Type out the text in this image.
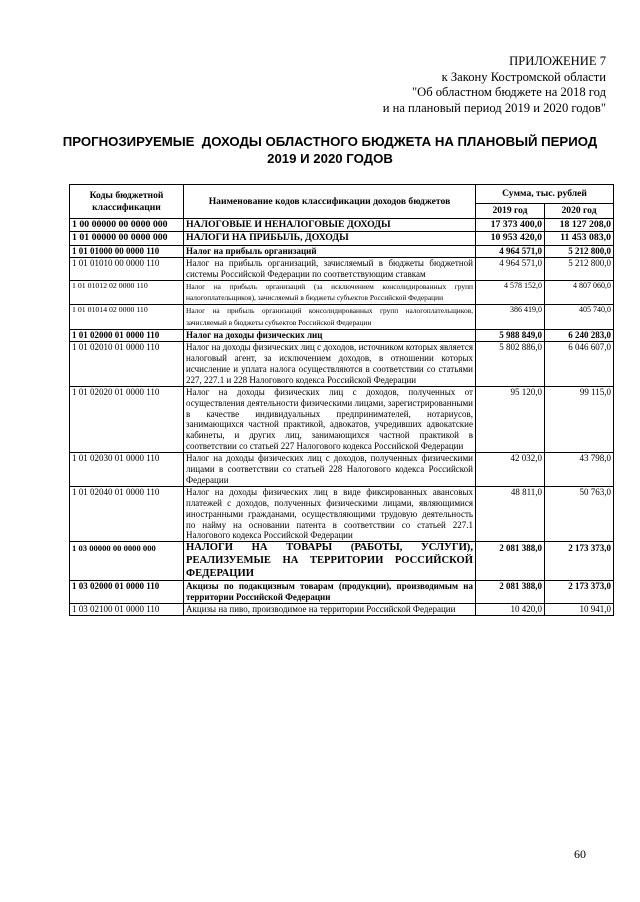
ПРИЛОЖЕНИЕ 7
к Закону Костромской области
"Об областном бюджете на 2018 год
и на плановый период 2019 и 2020 годов"
ПРОГНОЗИРУЕМЫЕ  ДОХОДЫ ОБЛАСТНОГО БЮДЖЕТА НА ПЛАНОВЫЙ ПЕРИОД
2019 И 2020 ГОДОВ
Коды бюджетной классификации	Наименование кодов классификации доходов бюджетов	Сумма, тыс. рублей	
		2019 год	2020 год
1 00 00000 00 0000 000	НАЛОГОВЫЕ И НЕНАЛОГОВЫЕ ДОХОДЫ	17 373 400,0	18 127 208,0
1 01 00000 00 0000 000	НАЛОГИ НА ПРИБЫЛЬ, ДОХОДЫ	10 953 420,0	11 453 083,0
1 01 01000 00 0000 110	Налог на прибыль организаций	4 964 571,0	5 212 800,0
1 01 01010 00 0000 110	Налог на прибыль организаций, зачисляемый в бюджеты бюджетной системы Российской Федерации по соответствующим ставкам	4 964 571,0	5 212 800,0
1 01 01012 02 0000 110	Налог на прибыль организаций (за исключением консолидированных групп налогоплательщиков), зачисляемый в бюджеты субъектов Российской Федерации	4 578 152,0	4 807 060,0
1 01 01014 02 0000 110	Налог на прибыль организаций консолидированных групп налогоплательщиков, зачисляемый в бюджеты субъектов Российской Федерации	386 419,0	405 740,0
1 01 02000 01 0000 110	Налог на доходы физических лиц	5 988 849,0	6 240 283,0
1 01 02010 01 0000 110	Налог на доходы физических лиц с доходов, источником которых является налоговый агент, за исключением доходов, в отношении которых исчисление и уплата налога осуществляются в соответствии со статьями 227, 227.1 и 228 Налогового кодекса Российской Федерации	5 802 886,0	6 046 607,0
1 01 02020 01 0000 110	Налог на доходы физических лиц с доходов, полученных от осуществления деятельности физическими лицами, зарегистрированными в качестве индивидуальных предпринимателей, нотариусов, занимающихся частной практикой, адвокатов, учредивших адвокатские кабинеты, и других лиц, занимающихся частной практикой в соответствии со статьей 227 Налогового кодекса Российской Федерации	95 120,0	99 115,0
1 01 02030 01 0000 110	Налог на доходы физических лиц с доходов, полученных физическими лицами в соответствии со статьей 228 Налогового кодекса Российской Федерации	42 032,0	43 798,0
1 01 02040 01 0000 110	Налог на доходы физических лиц в виде фиксированных авансовых платежей с доходов, полученных физическими лицами, являющимися иностранными гражданами, осуществляющими трудовую деятельность по найму на основании патента в соответствии со статьей 227.1 Налогового кодекса Российской Федерации	48 811,0	50 763,0
1 03 00000 00 0000 000	НАЛОГИ НА ТОВАРЫ (РАБОТЫ, УСЛУГИ), РЕАЛИЗУЕМЫЕ НА ТЕРРИТОРИИ РОССИЙСКОЙ ФЕДЕРАЦИИ	2 081 388,0	2 173 373,0
1 03 02000 01 0000 110	Акцизы по подакцизным товарам (продукции), производимым на территории Российской Федерации	2 081 388,0	2 173 373,0
1 03 02100 01 0000 110	Акцизы на пиво, производимое на территории Российской Федерации	10 420,0	10 941,0
60
